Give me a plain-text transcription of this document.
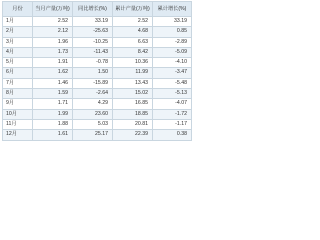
月份	当月产量(万吨)	同比增长(%)	累计产量(万吨)	累计增长(%)
1月	2.52	33.19	2.52	33.19
2月	2.12	-25.63	4.68	0.85
3月	1.96	-10.25	6.63	-2.89
4月	1.73	-11.43	8.42	-5.09
5月	1.91	-0.78	10.36	-4.10
6月	1.62	1.50	11.99	-3.47
7月	1.46	-15.89	13.43	-5.48
8月	1.59	-2.64	15.02	-5.13
9月	1.71	4.29	16.85	-4.07
10月	1.99	23.60	18.85	-1.72
11月	1.88	5.03	20.81	-1.17
12月	1.61	25.17	22.39	0.38
